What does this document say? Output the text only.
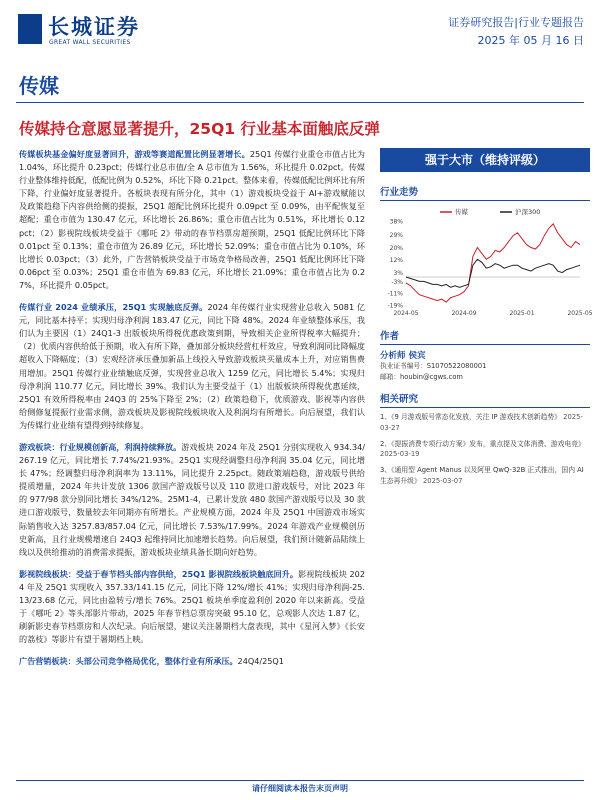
长城证券
GREAT WALL SECURITIES
证券研究报告|行业专题报告
2025 年 05 月 16 日
传媒
传媒持仓意愿显著提升，25Q1 行业基本面触底反弹

传媒板块基金偏好度显著回升，游戏等赛道配置比例显著增长。25Q1 传媒行业重仓市值占比为 1.04%，环比提升 0.23pct；传媒行业总市值/全 A 总市值为 1.56%，环比提升 0.02pct。传媒行业整体维持低配，低配比例为 0.52%，环比下降 0.21pct。整体来看，传媒低配比例环比有所下降，行业偏好度显著提升。各板块表现有所分化，其中（1）游戏板块受益于 AI+游戏赋能以及政策趋稳下内容供给侧的提振，25Q1 超配比例环比提升 0.09pct 至 0.09%，由平配恢复至超配；重仓市值为 130.47 亿元，环比增长 26.86%；重仓市值占比为 0.51%，环比增长 0.12pct；（2）影视院线板块受益于《哪吒 2》带动的春节档票房超预期，25Q1 低配比例环比下降 0.01pct 至 0.13%；重仓市值为 26.89 亿元，环比增长 52.09%；重仓市值占比为 0.10%，环比增长 0.03pct；（3）此外，广告营销板块受益于市场竞争格局改善，25Q1 低配比例环比下降 0.06pct 至 0.03%；25Q1 重仓市值为 69.83 亿元，环比增长 21.09%；重仓市值占比为 0.27%，环比提升 0.05pct。

传媒行业 2024 业绩承压，25Q1 实现触底反弹。2024 年传媒行业实现营业总收入 5081 亿元，同比基本持平；实现归母净利润 183.47 亿元，同比下降 48%。2024 年业绩整体承压，我们认为主要因（1）24Q1-3 出版板块所得税优惠政策到期，导致相关企业所得税率大幅提升；（2）优质内容供给低于预期，收入有所下降，叠加部分板块经营杠杆效应，导致利润同比降幅度超收入下降幅度；（3）宏观经济承压叠加新品上线投入导致游戏板块买量成本上升，对应销售费用增加。25Q1 传媒行业业绩触底反弹，实现营业总收入 1259 亿元，同比增长 5.4%；实现归母净利润 110.77 亿元，同比增长 39%。我们认为主要受益于（1）出版板块所得税优惠延续，25Q1 有效所得税率由 24Q3 的 25%下降至 2%；（2）政策趋稳下，优质游戏、影视等内容供给侧修复提振行业需求侧，游戏板块及影视院线板块收入及利润均有所增长。向后展望，我们认为传媒行业业绩有望得到持续修复。

游戏板块：行业规模创新高，利润持续释放。游戏板块 2024 年及 25Q1 分别实现收入 934.34/267.19 亿元，同比增长 7.74%/21.93%。25Q1 实现经调整归母净利润 35.04 亿元，同比增长 47%；经调整归母净利润率为 13.11%，同比提升 2.25pct。随政策端趋稳，游戏版号供给提质增量，2024 年共计发放 1306 款国产游戏版号以及 110 款进口游戏版号，对比 2023 年的 977/98 款分别同比增长 34%/12%。25M1-4，已累计发放 480 款国产游戏版号以及 30 款进口游戏版号，数量较去年同期亦有所增长。产业规模方面，2024 年及 25Q1 中国游戏市场实际销售收入达 3257.83/857.04 亿元，同比增长 7.53%/17.99%。2024 年游戏产业规模创历史新高，且行业规模增速自 24Q3 起维持同比加速增长趋势。向后展望，我们预计随新品陆续上线以及供给推动的消费需求提振，游戏板块业绩具备长期向好趋势。

影视院线板块：受益于春节档头部内容供给，25Q1 影视院线板块触底回升。影视院线板块 2024 年及 25Q1 实现收入 357.33/141.15 亿元，同比下降 12%/增长 41%；实现归母净利润-25.13/23.68 亿元，同比由盈转亏/增长 76%。25Q1 板块单季度盈利创 2020 年以来新高。受益于《哪吒 2》等头部影片带动，2025 年春节档总票房突破 95.10 亿，总观影人次达 1.87 亿，刷新影史春节档票房和人次纪录。向后展望，建议关注暑期档大盘表现，其中《星河入梦》《长安的荔枝》等影片有望于暑期档上映。

广告营销板块：头部公司竞争格局优化，整体行业有所承压。24Q4/25Q1

强于大市（维持评级）
行业走势
38%
29%
20%
12%
3%
-3%
-11%
-19%
2024-05	2024-09	2025-01	2025-05
传媒	沪深300
作者
分析师 侯宾
执业证书编号：S1070522080001
邮箱：houbin@cgws.com
相关研究
1、《9 月游戏版号常态化发放，关注 IP 游戏技术创新趋势》 2025-03-27
2、《提振消费专项行动方案》发布，重点提及文体消费、游戏电竞》 2025-03-19
3、《通用型 Agent Manus 以及阿里 QwQ-32B 正式推出，国内 AI 生态再升级》 2025-03-07
请仔细阅读本报告末页声明
